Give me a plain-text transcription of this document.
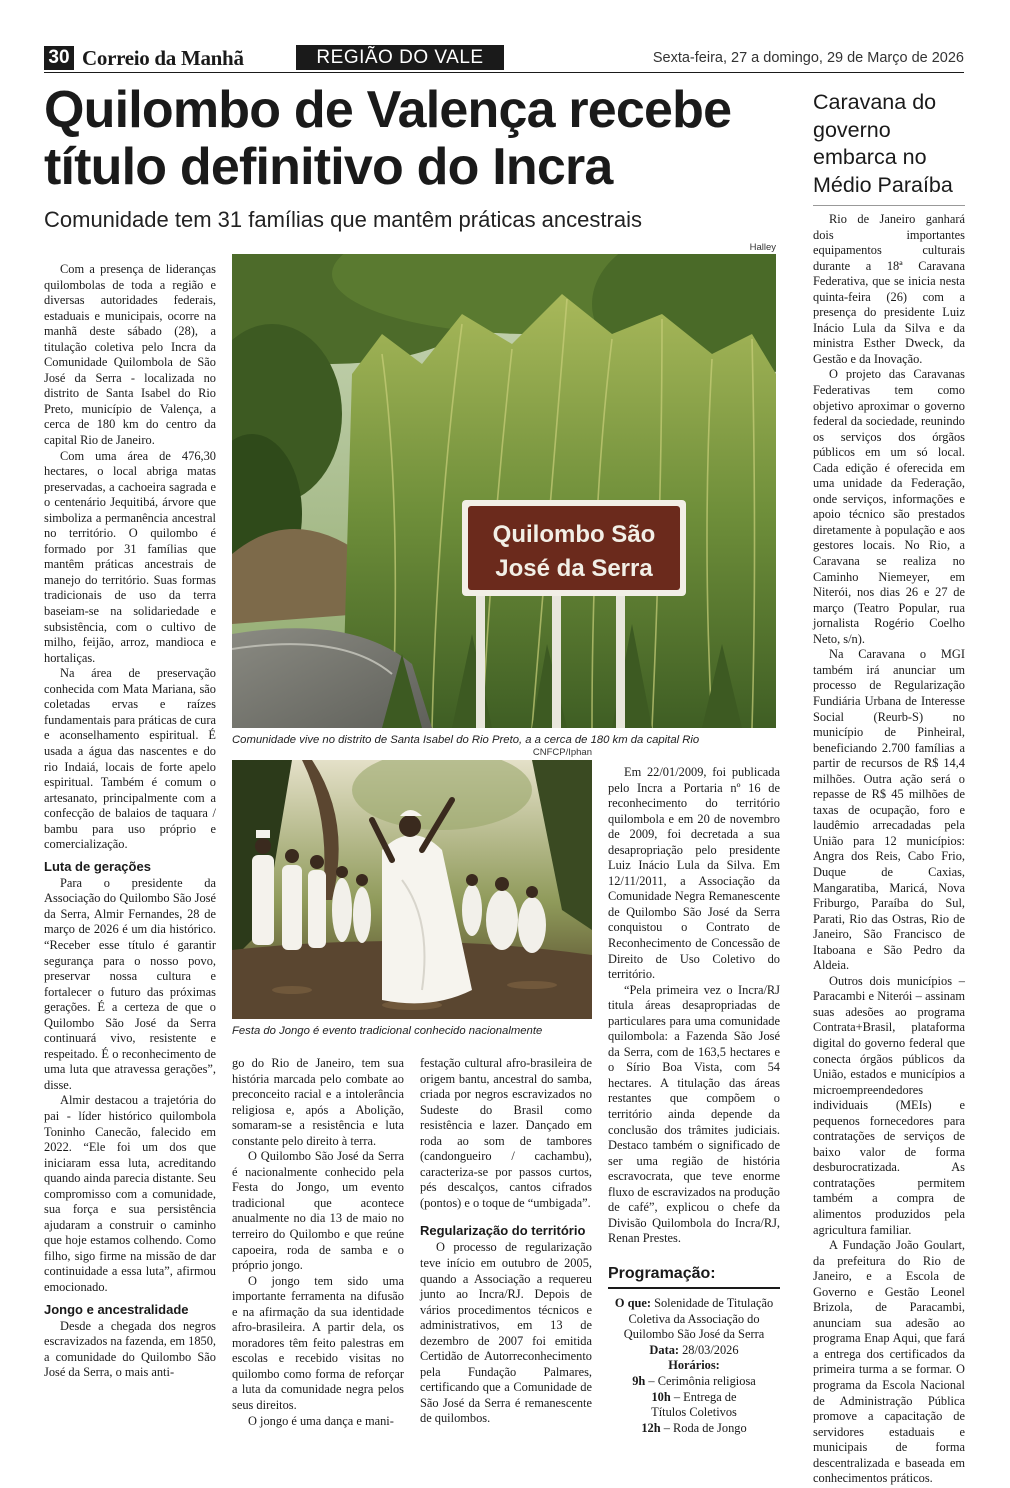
30 Correio da Manhã	REGIÃO DO VALE	Sexta-feira, 27 a domingo, 29 de Março de 2026
Quilombo de Valença recebe título definitivo do Incra
Comunidade tem 31 famílias que mantêm práticas ancestrais
Caravana do governo embarca no Médio Paraíba

Rio de Janeiro ganhará dois importantes equipamentos culturais durante a 18ª Caravana Federativa, que se inicia nesta quinta-feira (26) com a presença do presidente Luiz Inácio Lula da Silva e da ministra Esther Dweck, da Gestão e da Inovação.

O projeto das Caravanas Federativas tem como objetivo aproximar o governo federal da sociedade, reunindo os serviços dos órgãos públicos em um só local. Cada edição é oferecida em uma unidade da Federação, onde serviços, informações e apoio técnico são prestados diretamente à população e aos gestores locais. No Rio, a Caravana se realiza no Caminho Niemeyer, em Niterói, nos dias 26 e 27 de março (Teatro Popular, rua jornalista Rogério Coelho Neto, s/n).

Na Caravana o MGI também irá anunciar um processo de Regularização Fundiária Urbana de Interesse Social (Reurb-S) no município de Pinheiral, beneficiando 2.700 famílias a partir de recursos de R$ 14,4 milhões. Outra ação será o repasse de R$ 45 milhões de taxas de ocupação, foro e laudêmio arrecadadas pela União para 12 municípios: Angra dos Reis, Cabo Frio, Duque de Caxias, Mangaratiba, Maricá, Nova Friburgo, Paraíba do Sul, Parati, Rio das Ostras, Rio de Janeiro, São Francisco de Itaboana e São Pedro da Aldeia.

Outros dois municípios – Paracambi e Niterói – assinam suas adesões ao programa Contrata+Brasil, plataforma digital do governo federal que conecta órgãos públicos da União, estados e municípios a microempreendedores individuais (MEIs) e pequenos fornecedores para contratações de serviços de baixo valor de forma desburocratizada. As contratações permitem também a compra de alimentos produzidos pela agricultura familiar.

A Fundação João Goulart, da prefeitura do Rio de Janeiro, e a Escola de Governo e Gestão Leonel Brizola, de Paracambi, anunciam sua adesão ao programa Enap Aqui, que fará a entrega dos certificados da primeira turma a se formar. O programa da Escola Nacional de Administração Pública promove a capacitação de servidores estaduais e municipais de forma descentralizada e baseada em conhecimentos práticos.

Com a presença de lideranças quilombolas de toda a região e diversas autoridades federais, estaduais e municipais, ocorre na manhã deste sábado (28), a titulação coletiva pelo Incra da Comunidade Quilombola de São José da Serra - localizada no distrito de Santa Isabel do Rio Preto, município de Valença, a cerca de 180 km do centro da capital Rio de Janeiro.

Com uma área de 476,30 hectares, o local abriga matas preservadas, a cachoeira sagrada e o centenário Jequitibá, árvore que simboliza a permanência ancestral no território. O quilombo é formado por 31 famílias que mantêm práticas ancestrais de manejo do território. Suas formas tradicionais de uso da terra baseiam-se na solidariedade e subsistência, com o cultivo de milho, feijão, arroz, mandioca e hortaliças.

Na área de preservação conhecida com Mata Mariana, são coletadas ervas e raízes fundamentais para práticas de cura e aconselhamento espiritual. É usada a água das nascentes e do rio Indaiá, locais de forte apelo espiritual. Também é comum o artesanato, principalmente com a confecção de balaios de taquara / bambu para uso próprio e comercialização.

Luta de gerações

Para o presidente da Associação do Quilombo São José da Serra, Almir Fernandes, 28 de março de 2026 é um dia histórico. “Receber esse título é garantir segurança para o nosso povo, preservar nossa cultura e fortalecer o futuro das próximas gerações. É a certeza de que o Quilombo São José da Serra continuará vivo, resistente e respeitado. É o reconhecimento de uma luta que atravessa gerações”, disse.

Almir destacou a trajetória do pai - líder histórico quilombola Toninho Canecão, falecido em 2022. “Ele foi um dos que iniciaram essa luta, acreditando quando ainda parecia distante. Seu compromisso com a comunidade, sua força e sua persistência ajudaram a construir o caminho que hoje estamos colhendo. Como filho, sigo firme na missão de dar continuidade a essa luta”, afirmou emocionado.

Jongo e ancestralidade

Desde a chegada dos negros escravizados na fazenda, em 1850, a comunidade do Quilombo São José da Serra, o mais anti-

Halley
Quilombo São
José da Serra
Comunidade vive no distrito de Santa Isabel do Rio Preto, a a cerca de 180 km da capital Rio
CNFCP/Iphan
Festa do Jongo é evento tradicional conhecido nacionalmente

go do Rio de Janeiro, tem sua história marcada pelo combate ao preconceito racial e a intolerância religiosa e, após a Abolição, somaram-se a resistência e luta constante pelo direito à terra.

O Quilombo São José da Serra é nacionalmente conhecido pela Festa do Jongo, um evento tradicional que acontece anualmente no dia 13 de maio no terreiro do Quilombo e que reúne capoeira, roda de samba e o próprio jongo.

O jongo tem sido uma importante ferramenta na difusão e na afirmação da sua identidade afro-brasileira. A partir dela, os moradores têm feito palestras em escolas e recebido visitas no quilombo como forma de reforçar a luta da comunidade negra pelos seus direitos.

O jongo é uma dança e mani-

festação cultural afro-brasileira de origem bantu, ancestral do samba, criada por negros escravizados no Sudeste do Brasil como resistência e lazer. Dançado em roda ao som de tambores (candongueiro / cachambu), caracteriza-se por passos curtos, pés descalços, cantos cifrados (pontos) e o toque de “umbigada”.

Regularização do território

O processo de regularização teve início em outubro de 2005, quando a Associação a requereu junto ao Incra/RJ. Depois de vários procedimentos técnicos e administrativos, em 13 de dezembro de 2007 foi emitida Certidão de Autorreconhecimento pela Fundação Palmares, certificando que a Comunidade de São José da Serra é remanescente de quilombos.

Em 22/01/2009, foi publicada pelo Incra a Portaria nº 16 de reconhecimento do território quilombola e em 20 de novembro de 2009, foi decretada a sua desapropriação pelo presidente Luiz Inácio Lula da Silva. Em 12/11/2011, a Associação da Comunidade Negra Remanescente de Quilombo São José da Serra conquistou o Contrato de Reconhecimento de Concessão de Direito de Uso Coletivo do território.

“Pela primeira vez o Incra/RJ titula áreas desapropriadas de particulares para uma comunidade quilombola: a Fazenda São José da Serra, com de 163,5 hectares e o Sírio Boa Vista, com 54 hectares. A titulação das áreas restantes que compõem o território ainda depende da conclusão dos trâmites judiciais. Destaco também o significado de ser uma região de história escravocrata, que teve enorme fluxo de escravizados na produção de café”, explicou o chefe da Divisão Quilombola do Incra/RJ, Renan Prestes.

Programação:
O que: Solenidade de Titulação Coletiva da Associação do Quilombo São José da Serra
Data: 28/03/2026
Horários:
9h – Cerimônia religiosa
10h – Entrega de
Títulos Coletivos
12h – Roda de Jongo
